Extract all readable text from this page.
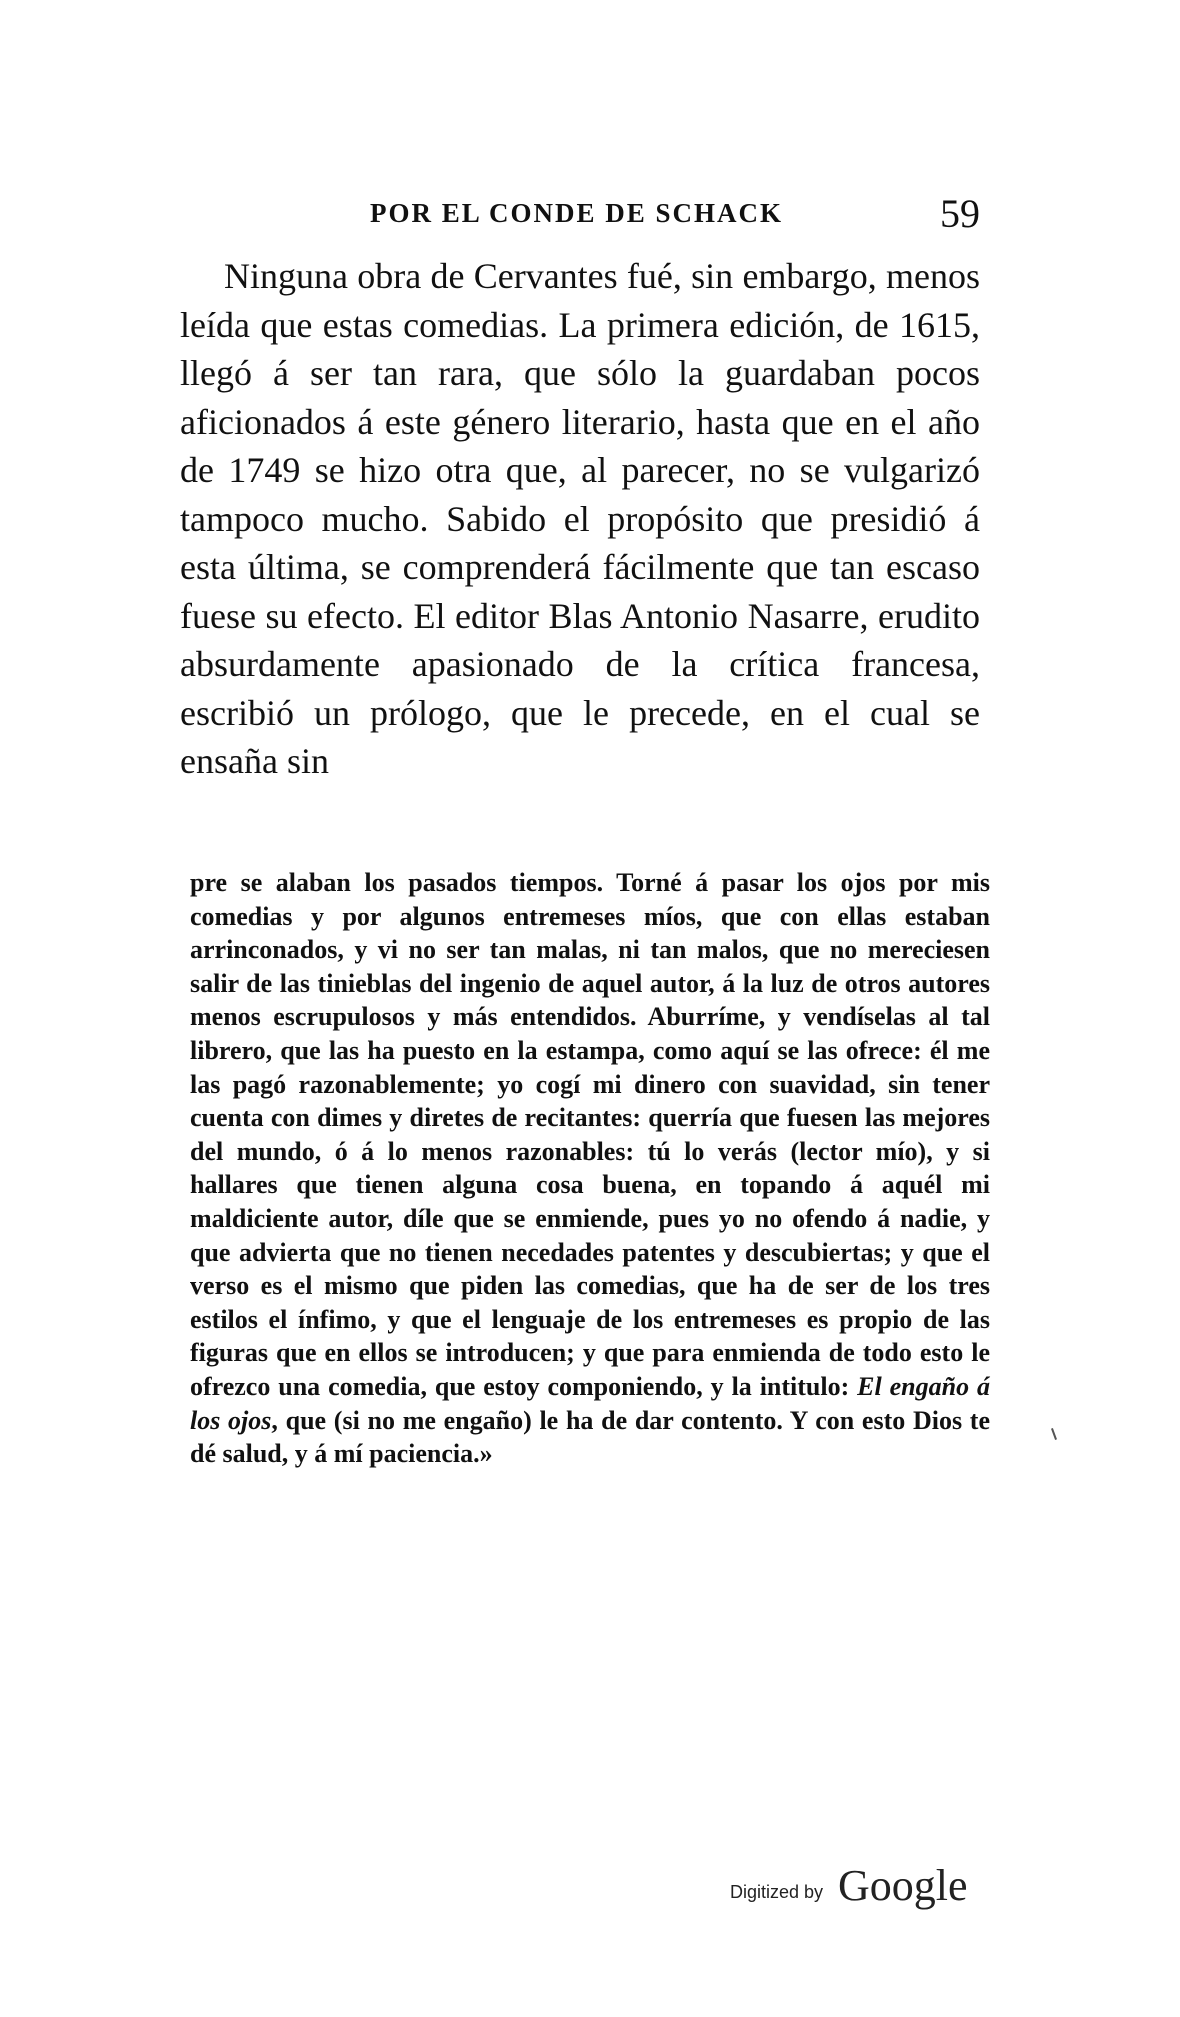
POR EL CONDE DE SCHACK	59

Ninguna obra de Cervantes fué, sin embargo, menos leída que estas comedias. La primera edición, de 1615, llegó á ser tan rara, que sólo la guardaban pocos aficionados á este género literario, hasta que en el año de 1749 se hizo otra que, al parecer, no se vulgarizó tampoco mucho. Sabido el propósito que presidió á esta última, se comprenderá fácilmente que tan escaso fuese su efecto. El editor Blas Antonio Nasarre, erudito absurdamente apasionado de la crítica francesa, escribió un prólogo, que le precede, en el cual se ensaña sin

pre se alaban los pasados tiempos. Torné á pasar los ojos por mis comedias y por algunos entremeses míos, que con ellas estaban arrinconados, y vi no ser tan malas, ni tan malos, que no mereciesen salir de las tinieblas del ingenio de aquel autor, á la luz de otros autores menos escrupulosos y más entendidos. Aburríme, y vendíselas al tal librero, que las ha puesto en la estampa, como aquí se las ofrece: él me las pagó razonablemente; yo cogí mi dinero con suavidad, sin tener cuenta con dimes y diretes de recitantes: querría que fuesen las mejores del mundo, ó á lo menos razonables: tú lo verás (lector mío), y si hallares que tienen alguna cosa buena, en topando á aquél mi maldiciente autor, díle que se enmiende, pues yo no ofendo á nadie, y que advierta que no tienen necedades patentes y descubiertas; y que el verso es el mismo que piden las comedias, que ha de ser de los tres estilos el ínfimo, y que el lenguaje de los entremeses es propio de las figuras que en ellos se introducen; y que para enmienda de todo esto le ofrezco una comedia, que estoy componiendo, y la intitulo: El engaño á los ojos, que (si no me engaño) le ha de dar contento. Y con esto Dios te dé salud, y á mí paciencia.»

Digitized by Google
